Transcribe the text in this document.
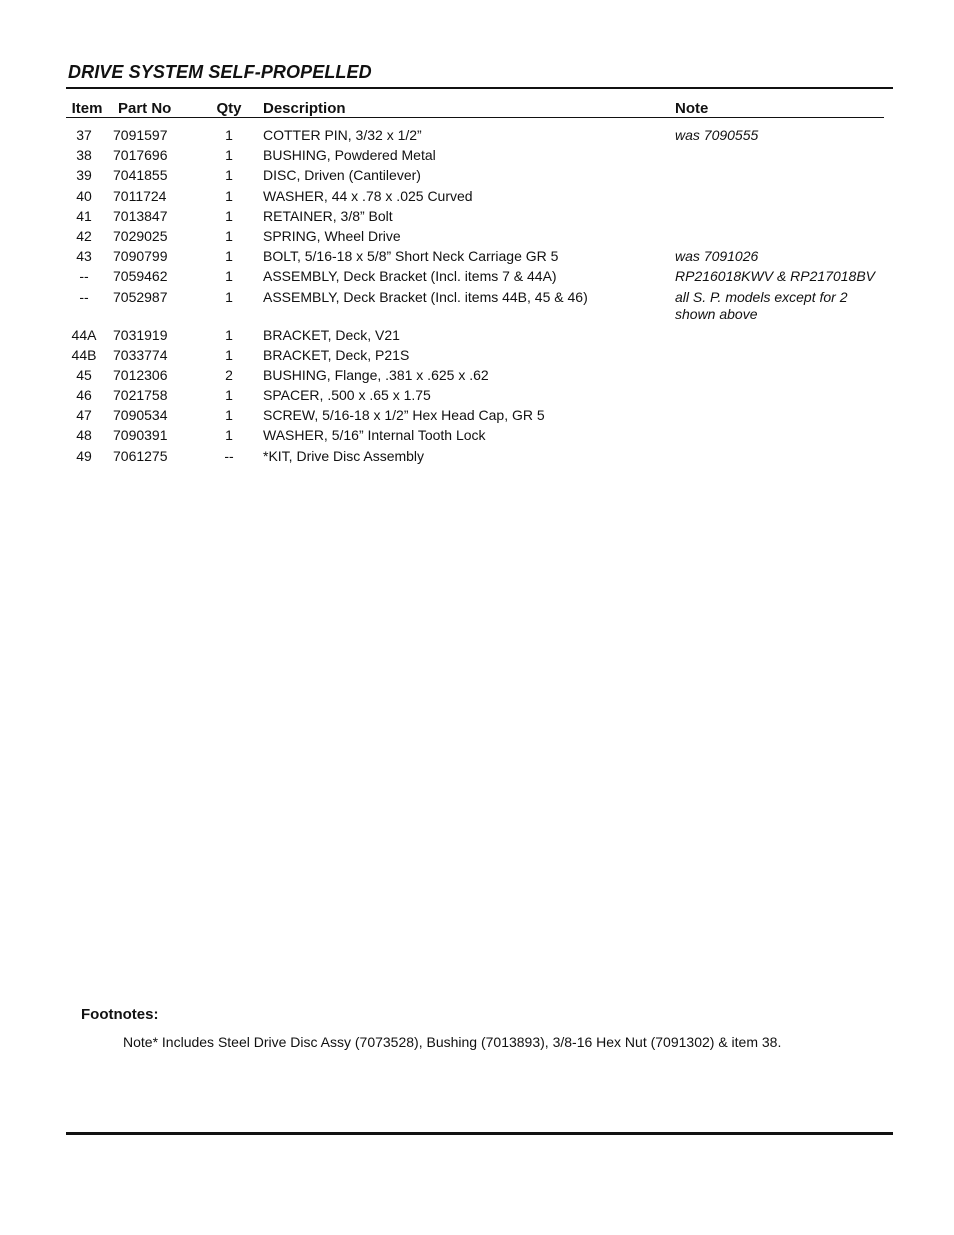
DRIVE SYSTEM SELF-PROPELLED
Item	Part No	Qty	Description	Note
37	7091597	1	COTTER PIN, 3/32 x 1/2”	was 7090555
38	7017696	1	BUSHING, Powdered Metal
39	7041855	1	DISC, Driven (Cantilever)
40	7011724	1	WASHER, 44 x .78 x .025 Curved
41	7013847	1	RETAINER, 3/8” Bolt
42	7029025	1	SPRING, Wheel Drive
43	7090799	1	BOLT, 5/16-18 x 5/8” Short Neck Carriage GR 5	was 7091026
--	7059462	1	ASSEMBLY, Deck Bracket (Incl. items 7 & 44A)	RP216018KWV & RP217018BV
--	7052987	1	ASSEMBLY, Deck Bracket (Incl. items 44B, 45 & 46)	all S. P. models except for 2 shown above
44A	7031919	1	BRACKET, Deck, V21
44B	7033774	1	BRACKET, Deck, P21S
45	7012306	2	BUSHING, Flange, .381 x .625 x .62
46	7021758	1	SPACER, .500 x .65 x 1.75
47	7090534	1	SCREW, 5/16-18 x 1/2” Hex Head Cap, GR 5
48	7090391	1	WASHER, 5/16” Internal Tooth Lock
49	7061275	--	*KIT, Drive Disc Assembly
Footnotes:
Note* Includes Steel Drive Disc Assy (7073528), Bushing (7013893), 3/8-16 Hex Nut (7091302) & item 38.
